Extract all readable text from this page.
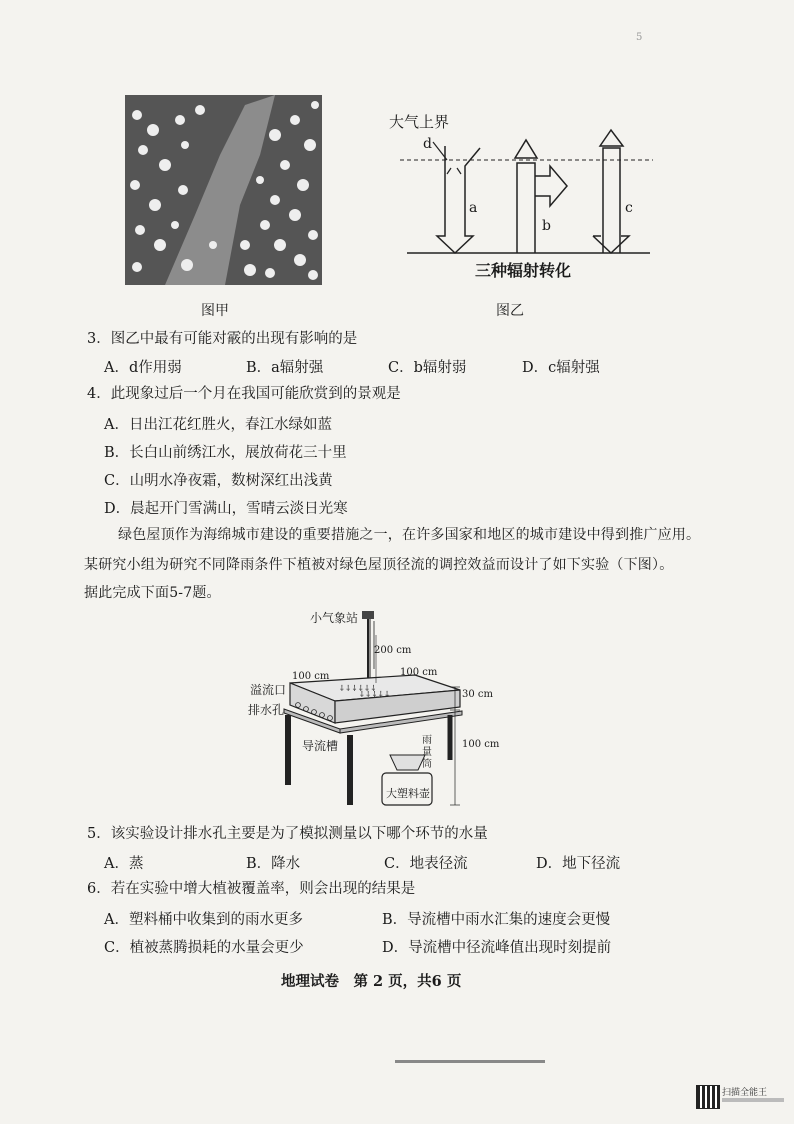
5
图甲
大气上界
d
a
b
c
三种辐射转化
图乙
3．图乙中最有可能对霰的出现有影响的是
A．d作用弱	B．a辐射强	C．b辐射弱	D．c辐射强
4．此现象过后一个月在我国可能欣赏到的景观是
A．日出江花红胜火，春江水绿如蓝
B．长白山前绣江水，展放荷花三十里
C．山明水净夜霜，数树深红出浅黄
D．晨起开门雪满山，雪晴云淡日光寒
绿色屋顶作为海绵城市建设的重要措施之一，在许多国家和地区的城市建设中得到推广应用。
某研究小组为研究不同降雨条件下植被对绿色屋顶径流的调控效益而设计了如下实验（下图）。
据此完成下面5-7题。
⸸ ⸸ ⸸ ⸸ ⸸ ⸸
⸸ ⸸ ⸸ ⸸ ⸸
小气象站
200 cm
100 cm	100 cm
30 cm
100 cm
溢流口
排水孔
导流槽	雨量筒
大塑料壶
5．该实验设计排水孔主要是为了模拟测量以下哪个环节的水量
A．蒸	B．降水	C．地表径流	D．地下径流
6．若在实验中增大植被覆盖率，则会出现的结果是
A．塑料桶中收集到的雨水更多	B．导流槽中雨水汇集的速度会更慢
C．植被蒸腾损耗的水量会更少	D．导流槽中径流峰值出现时刻提前
地理试卷　第 2 页，共6 页
扫描全能王
